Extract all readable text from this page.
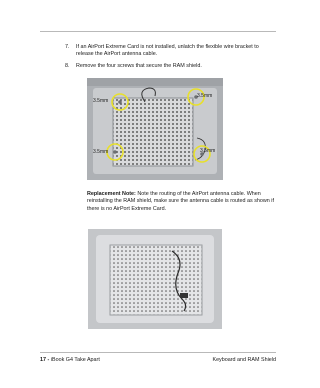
7. If an AirPort Extreme Card is not installed, unlatch the flexible wire bracket to release the AirPort antenna cable.
8. Remove the four screws that secure the RAM shield.
3.5mm
3.5mm
3.5mm	3.5mm
Replacement Note: Note the routing of the AirPort antenna cable. When reinstalling the RAM shield, make sure the antenna cable is routed as shown if there is no AirPort Extreme Card.
17 - iBook G4 Take Apart	Keyboard and RAM Shield
